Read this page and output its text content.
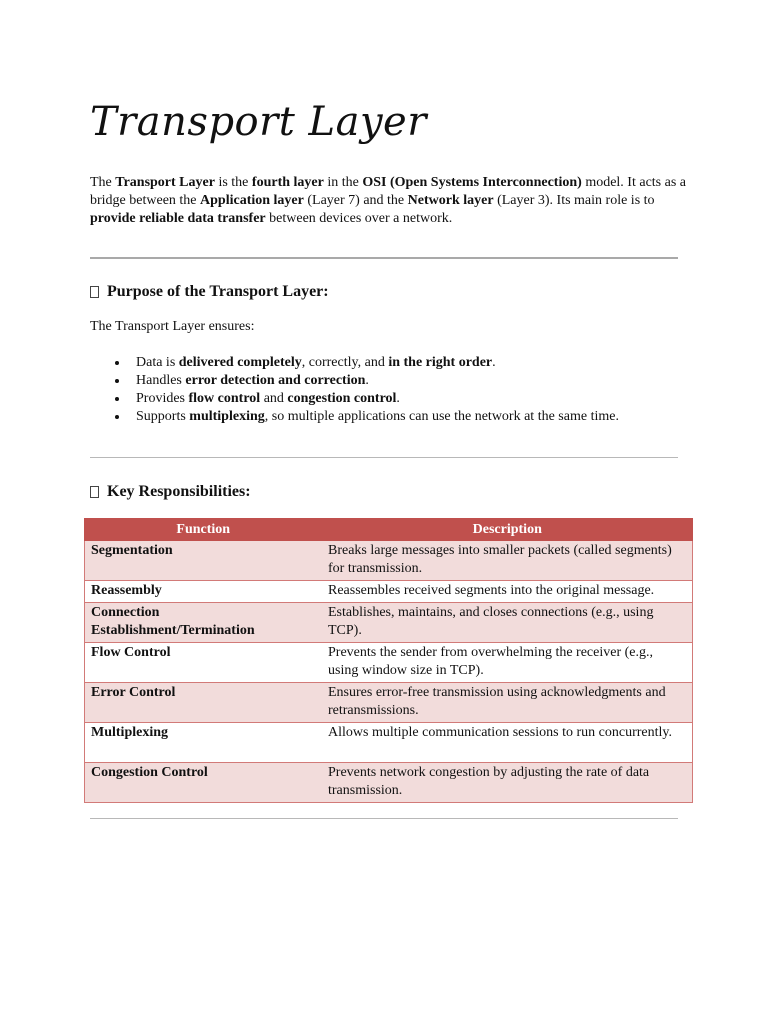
Transport Layer

The Transport Layer is the fourth layer in the OSI (Open Systems Interconnection) model. It acts as a bridge between the Application layer (Layer 7) and the Network layer (Layer 3). Its main role is to provide reliable data transfer between devices over a network.

Purpose of the Transport Layer:

The Transport Layer ensures:

Data is delivered completely, correctly, and in the right order.
Handles error detection and correction.
Provides flow control and congestion control.
Supports multiplexing, so multiple applications can use the network at the same time.
Key Responsibilities:
Function	Description
Segmentation	Breaks large messages into smaller packets (called segments) for transmission.
Reassembly	Reassembles received segments into the original message.
Connection Establishment/Termination	Establishes, maintains, and closes connections (e.g., using TCP).
Flow Control	Prevents the sender from overwhelming the receiver (e.g., using window size in TCP).
Error Control	Ensures error-free transmission using acknowledgments and retransmissions.
Multiplexing	Allows multiple communication sessions to run concurrently.
Congestion Control	Prevents network congestion by adjusting the rate of data transmission.
